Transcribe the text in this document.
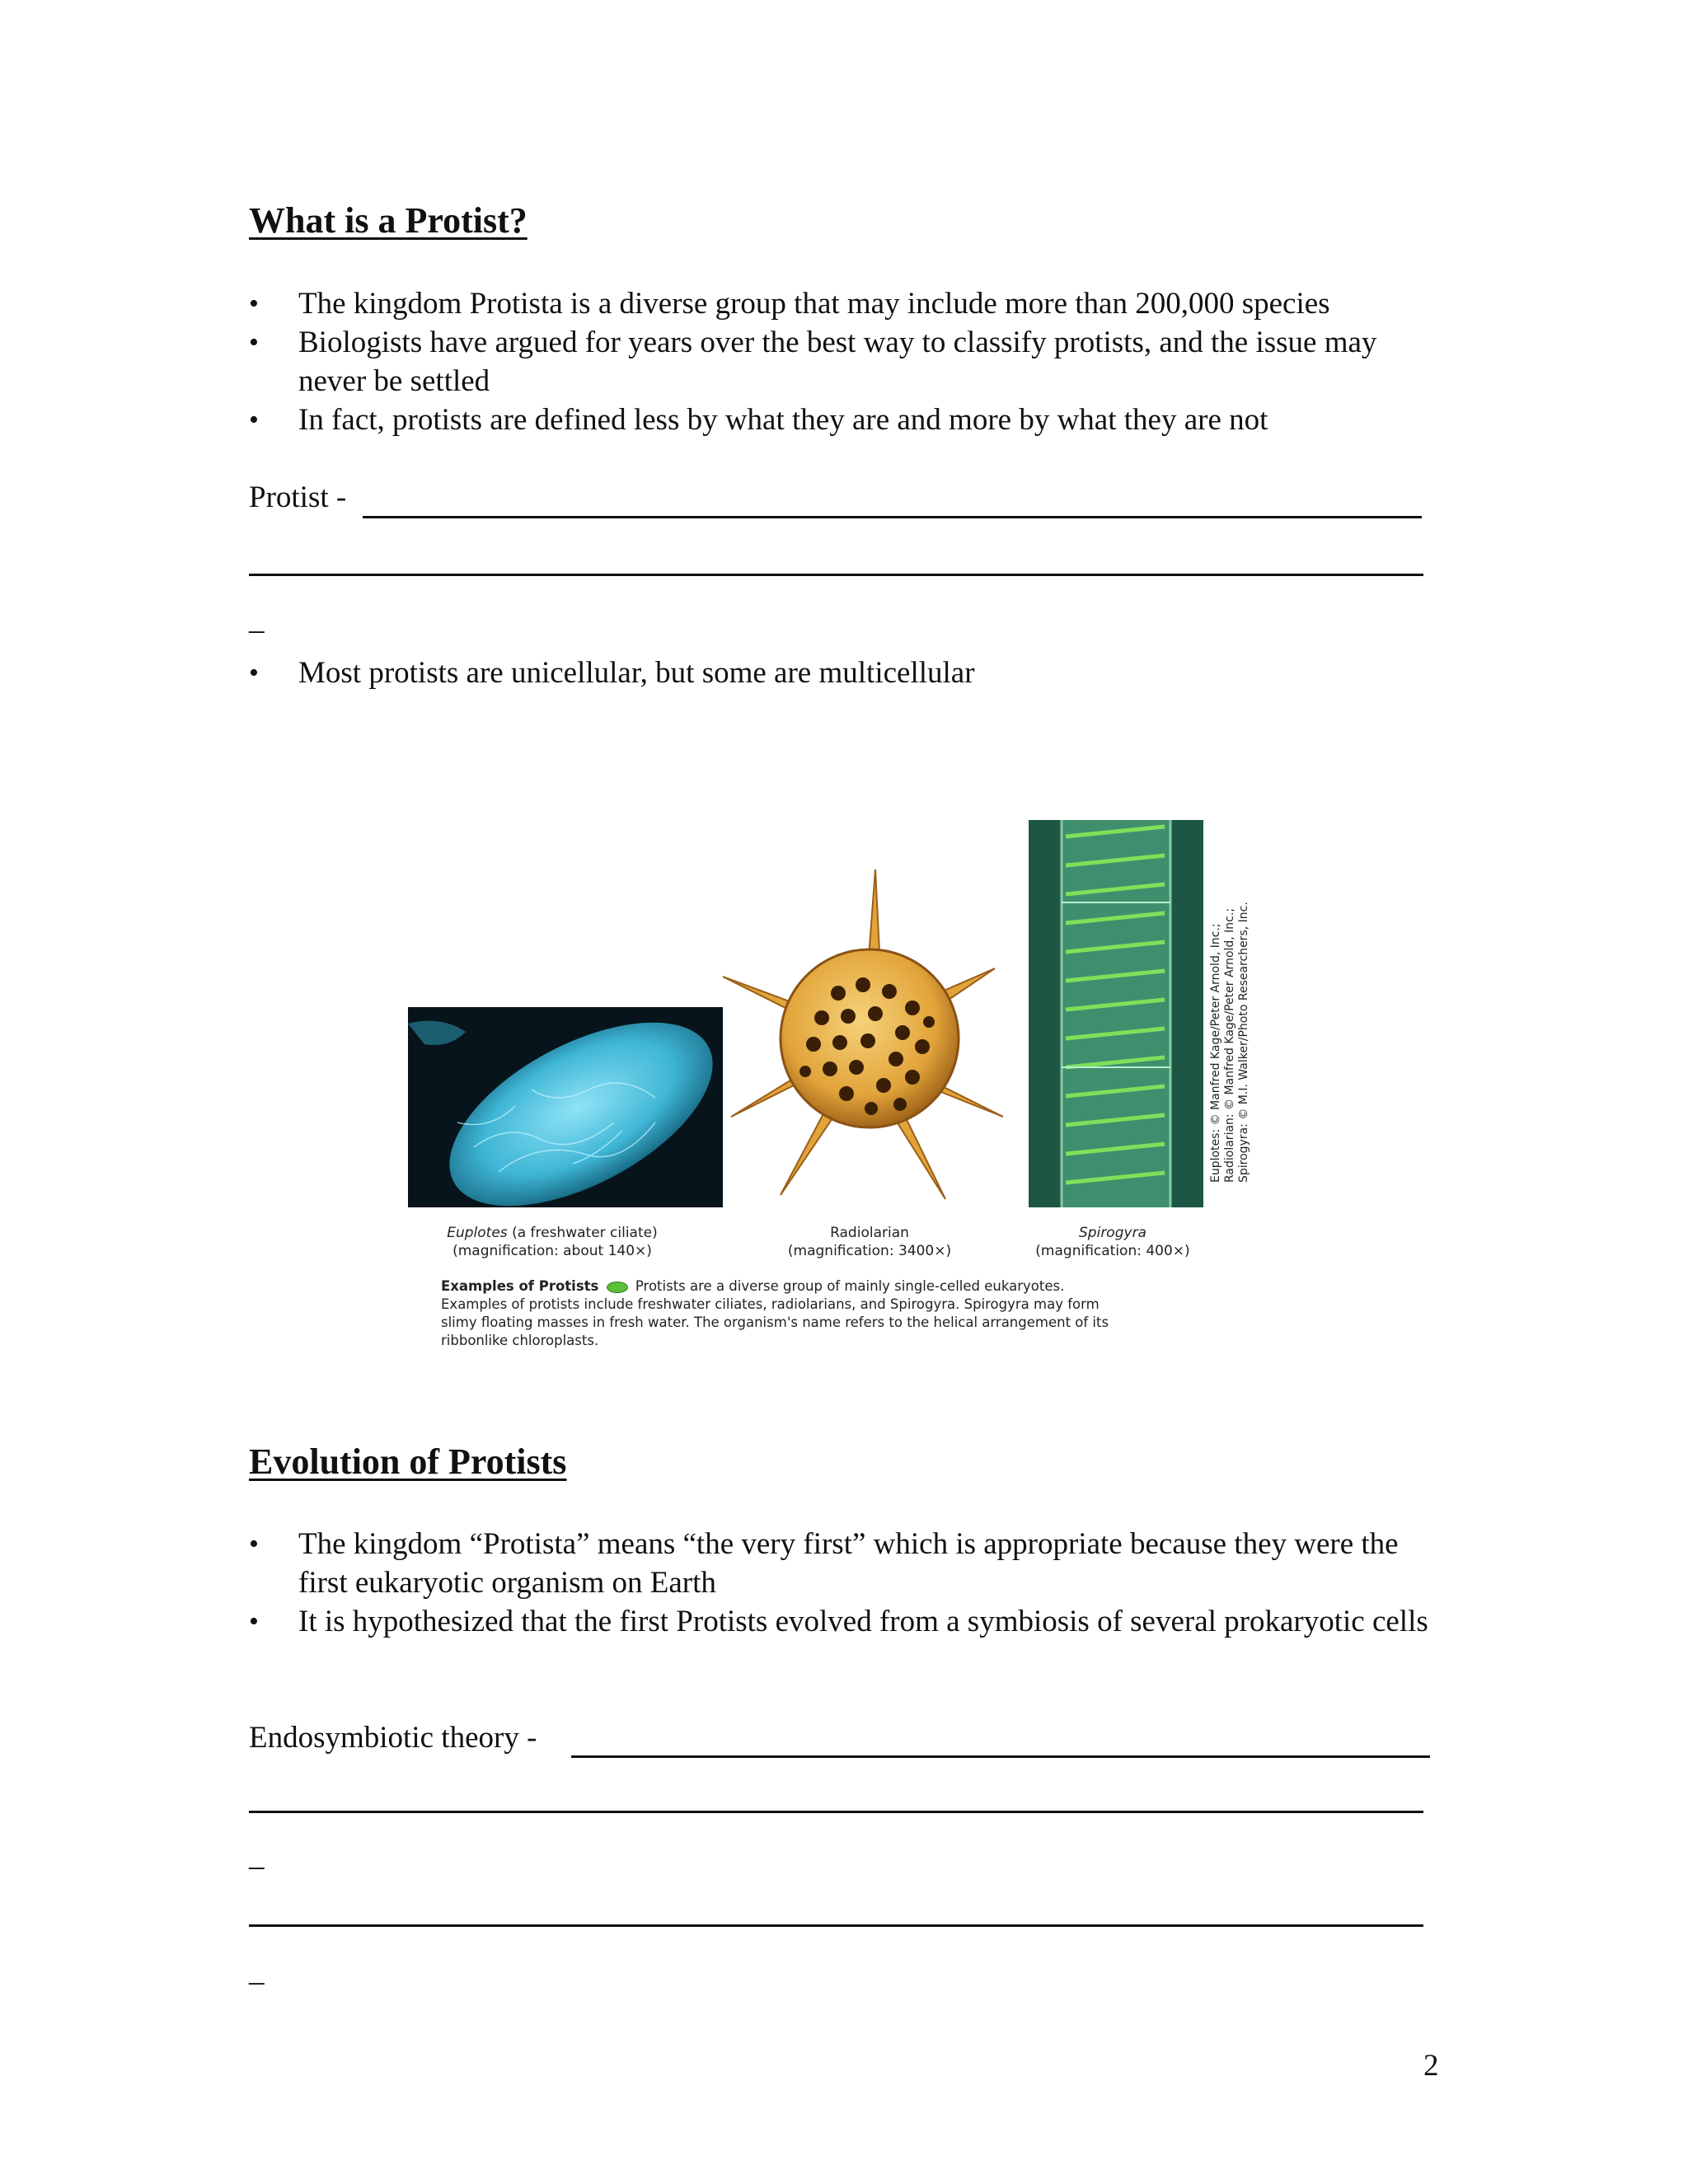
What is a Protist?
• The kingdom Protista is a diverse group that may include more than 200,000 species
• Biologists have argued for years over the best way to classify protists, and the issue may never be settled
• In fact, protists are defined less by what they are and more by what they are not
Protist -
_
• Most protists are unicellular, but some are multicellular
Euplotes: © Manfred Kage/Peter Arnold, Inc.; Radiolarian: © Manfred Kage/Peter Arnold, Inc.; Spirogyra: © M.I. Walker/Photo Researchers, Inc.
Euplotes (a freshwater ciliate)
(magnification: about 140×)
Radiolarian
(magnification: 3400×)
Spirogyra
(magnification: 400×)
Examples of Protists	Protists are a diverse group of mainly single-celled eukaryotes. Examples of protists include freshwater ciliates, radiolarians, and Spirogyra. Spirogyra may form slimy floating masses in fresh water. The organism's name refers to the helical arrangement of its ribbonlike chloroplasts.
Evolution of Protists
• The kingdom “Protista” means “the very first” which is appropriate because they were the first eukaryotic organism on Earth
• It is hypothesized that the first Protists evolved from a symbiosis of several prokaryotic cells
Endosymbiotic theory -
_
_
2
